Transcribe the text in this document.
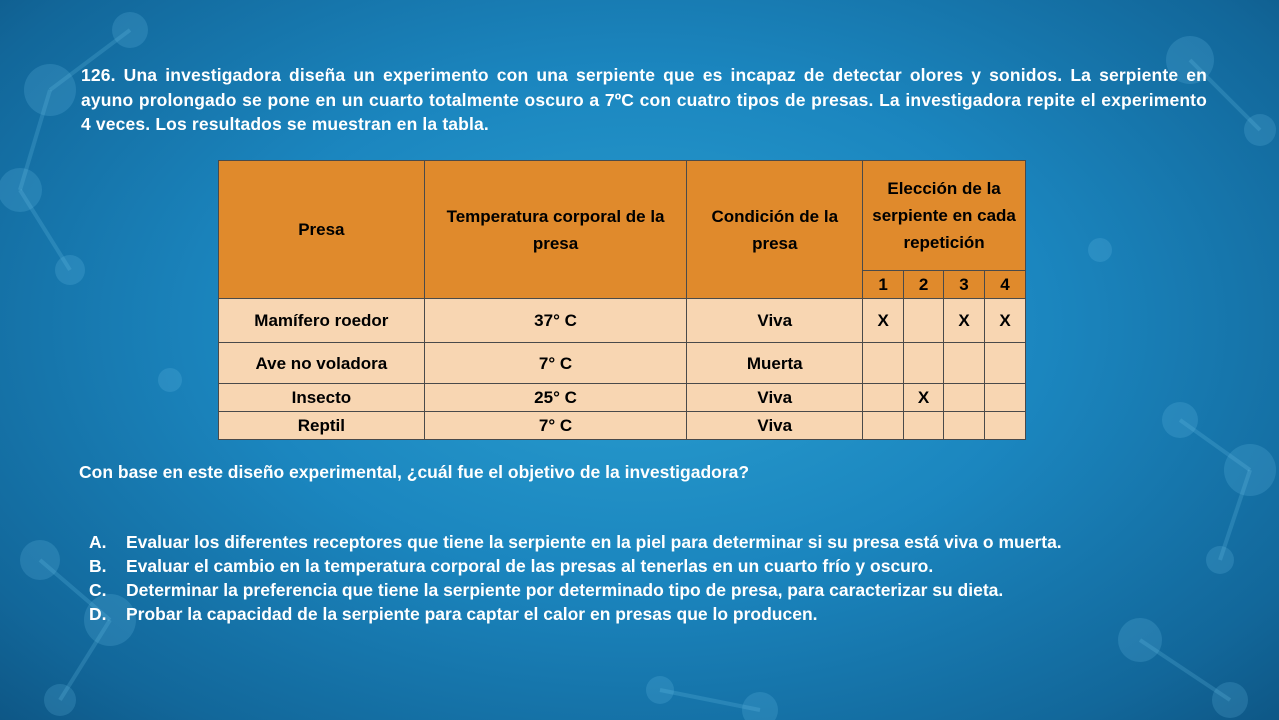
126. Una investigadora diseña un experimento con una serpiente que es incapaz de detectar olores y sonidos. La serpiente en ayuno prolongado se pone en un cuarto totalmente oscuro a 7ºC con cuatro tipos de presas. La investigadora repite el experimento 4 veces. Los resultados se muestran en la tabla.
Presa	Temperatura corporal de la presa	Condición de la presa	Elección de la serpiente en cada repetición			
			1	2	3	4
Mamífero roedor	37° C	Viva	X		X	X
Ave no voladora	7° C	Muerta				
Insecto	25° C	Viva		X		
Reptil	7° C	Viva				
Con base en este diseño experimental, ¿cuál fue el objetivo de la investigadora?
A.	Evaluar los diferentes receptores que tiene la serpiente en la piel para determinar si su presa está viva o muerta.
B.	Evaluar el cambio en la temperatura corporal de las presas al tenerlas en un cuarto frío y oscuro.
C.	Determinar la preferencia que tiene la serpiente por determinado tipo de presa, para caracterizar su dieta.
D.	Probar la capacidad de la serpiente para captar el calor en presas que lo producen.
